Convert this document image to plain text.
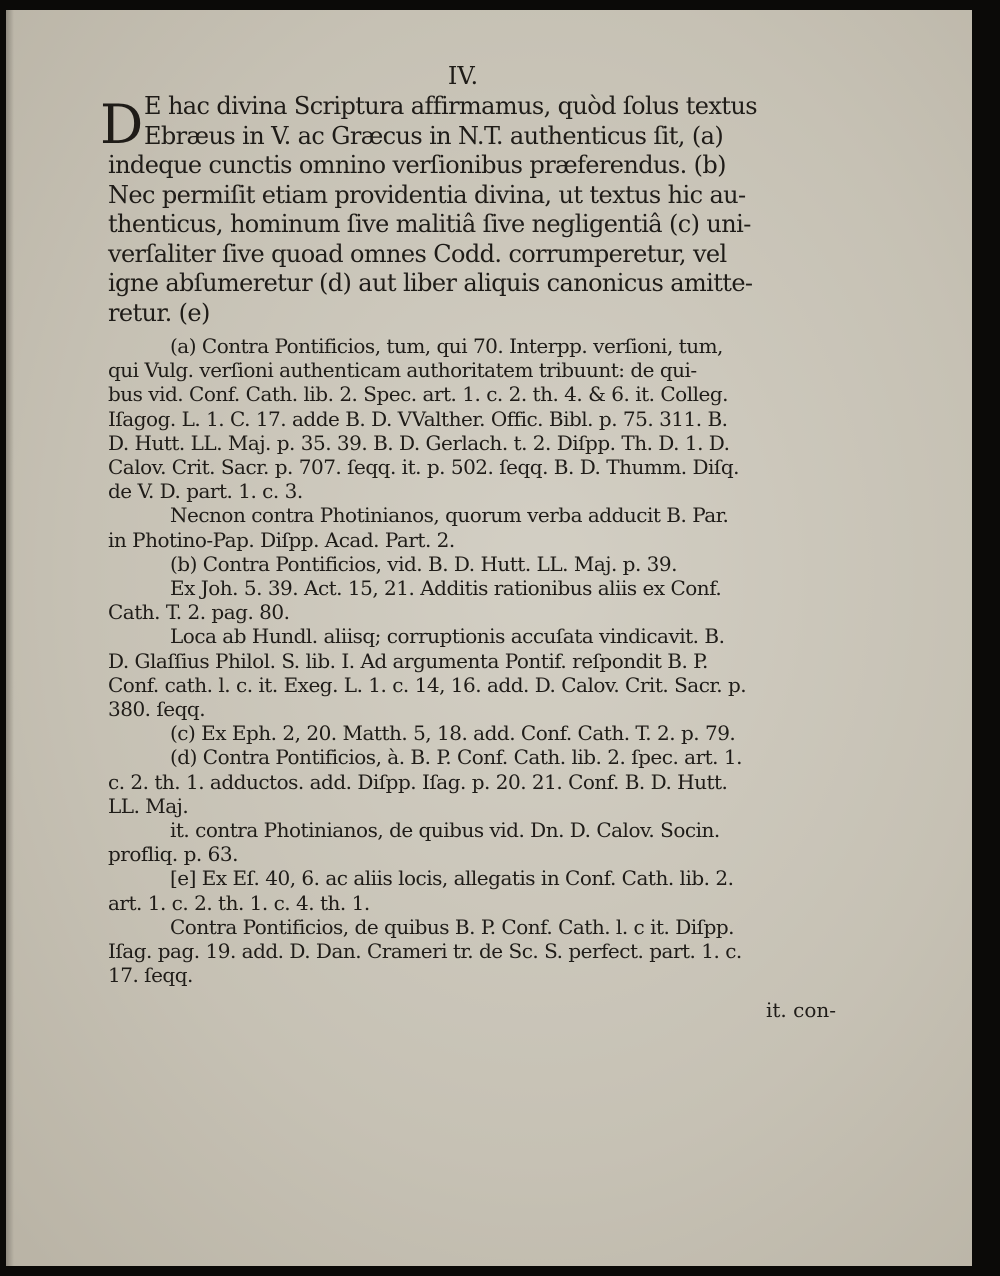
IV.
D E hac divina Scriptura affirmamus, quòd ſolus textus
Ebræus in V. ac Græcus in N.T. authenticus ſit, (a)
indeque cunctis omnino verſionibus præferendus. (b)
Nec permiſit etiam providentia divina, ut textus hic au-
thenticus, hominum ſive malitiâ ſive negligentiâ (c) uni-
verſaliter ſive quoad omnes Codd. corrumperetur, vel
igne abſumeretur (d) aut liber aliquis canonicus amitte-
retur. (e)
(a) Contra Pontificios, tum, qui 70. Interpp. verſioni, tum,
qui Vulg. verſioni authenticam authoritatem tribuunt: de qui-
bus vid. Conf. Cath. lib. 2. Spec. art. 1. c. 2. th. 4. & 6. it. Colleg.
Iſagog. L. 1. C. 17. adde B. D. VValther. Offic. Bibl. p. 75. 311. B.
D. Hutt. LL. Maj. p. 35. 39. B. D. Gerlach. t. 2. Diſpp. Th. D. 1. D.
Calov. Crit. Sacr. p. 707. ſeqq. it. p. 502. ſeqq. B. D. Thumm. Diſq.
de V. D. part. 1. c. 3.
Necnon contra Photinianos, quorum verba adducit B. Par.
in Photino-Pap. Diſpp. Acad. Part. 2.
(b) Contra Pontificios, vid. B. D. Hutt. LL. Maj. p. 39.
Ex Joh. 5. 39. Act. 15, 21. Additis rationibus aliis ex Conf.
Cath. T. 2. pag. 80.
Loca ab Hundl. aliisq; corruptionis accuſata vindicavit. B.
D. Glaſſius Philol. S. lib. I. Ad argumenta Pontif. reſpondit B. P.
Conf. cath. l. c. it. Exeg. L. 1. c. 14, 16. add. D. Calov. Crit. Sacr. p.
380. ſeqq.
(c) Ex Eph. 2, 20. Matth. 5, 18. add. Conf. Cath. T. 2. p. 79.
(d) Contra Pontificios, à. B. P. Conf. Cath. lib. 2. ſpec. art. 1.
c. 2. th. 1. adductos. add. Diſpp. Iſag. p. 20. 21. Conf. B. D. Hutt.
LL. Maj.
it. contra Photinianos, de quibus vid. Dn. D. Calov. Socin.
profliq. p. 63.
[e] Ex Eſ. 40, 6. ac aliis locis, allegatis in Conf. Cath. lib. 2.
art. 1. c. 2. th. 1. c. 4. th. 1.
Contra Pontificios, de quibus B. P. Conf. Cath. l. c it. Diſpp.
Iſag. pag. 19. add. D. Dan. Crameri tr. de Sc. S. perfect. part. 1. c.
17. ſeqq.
it. con-
